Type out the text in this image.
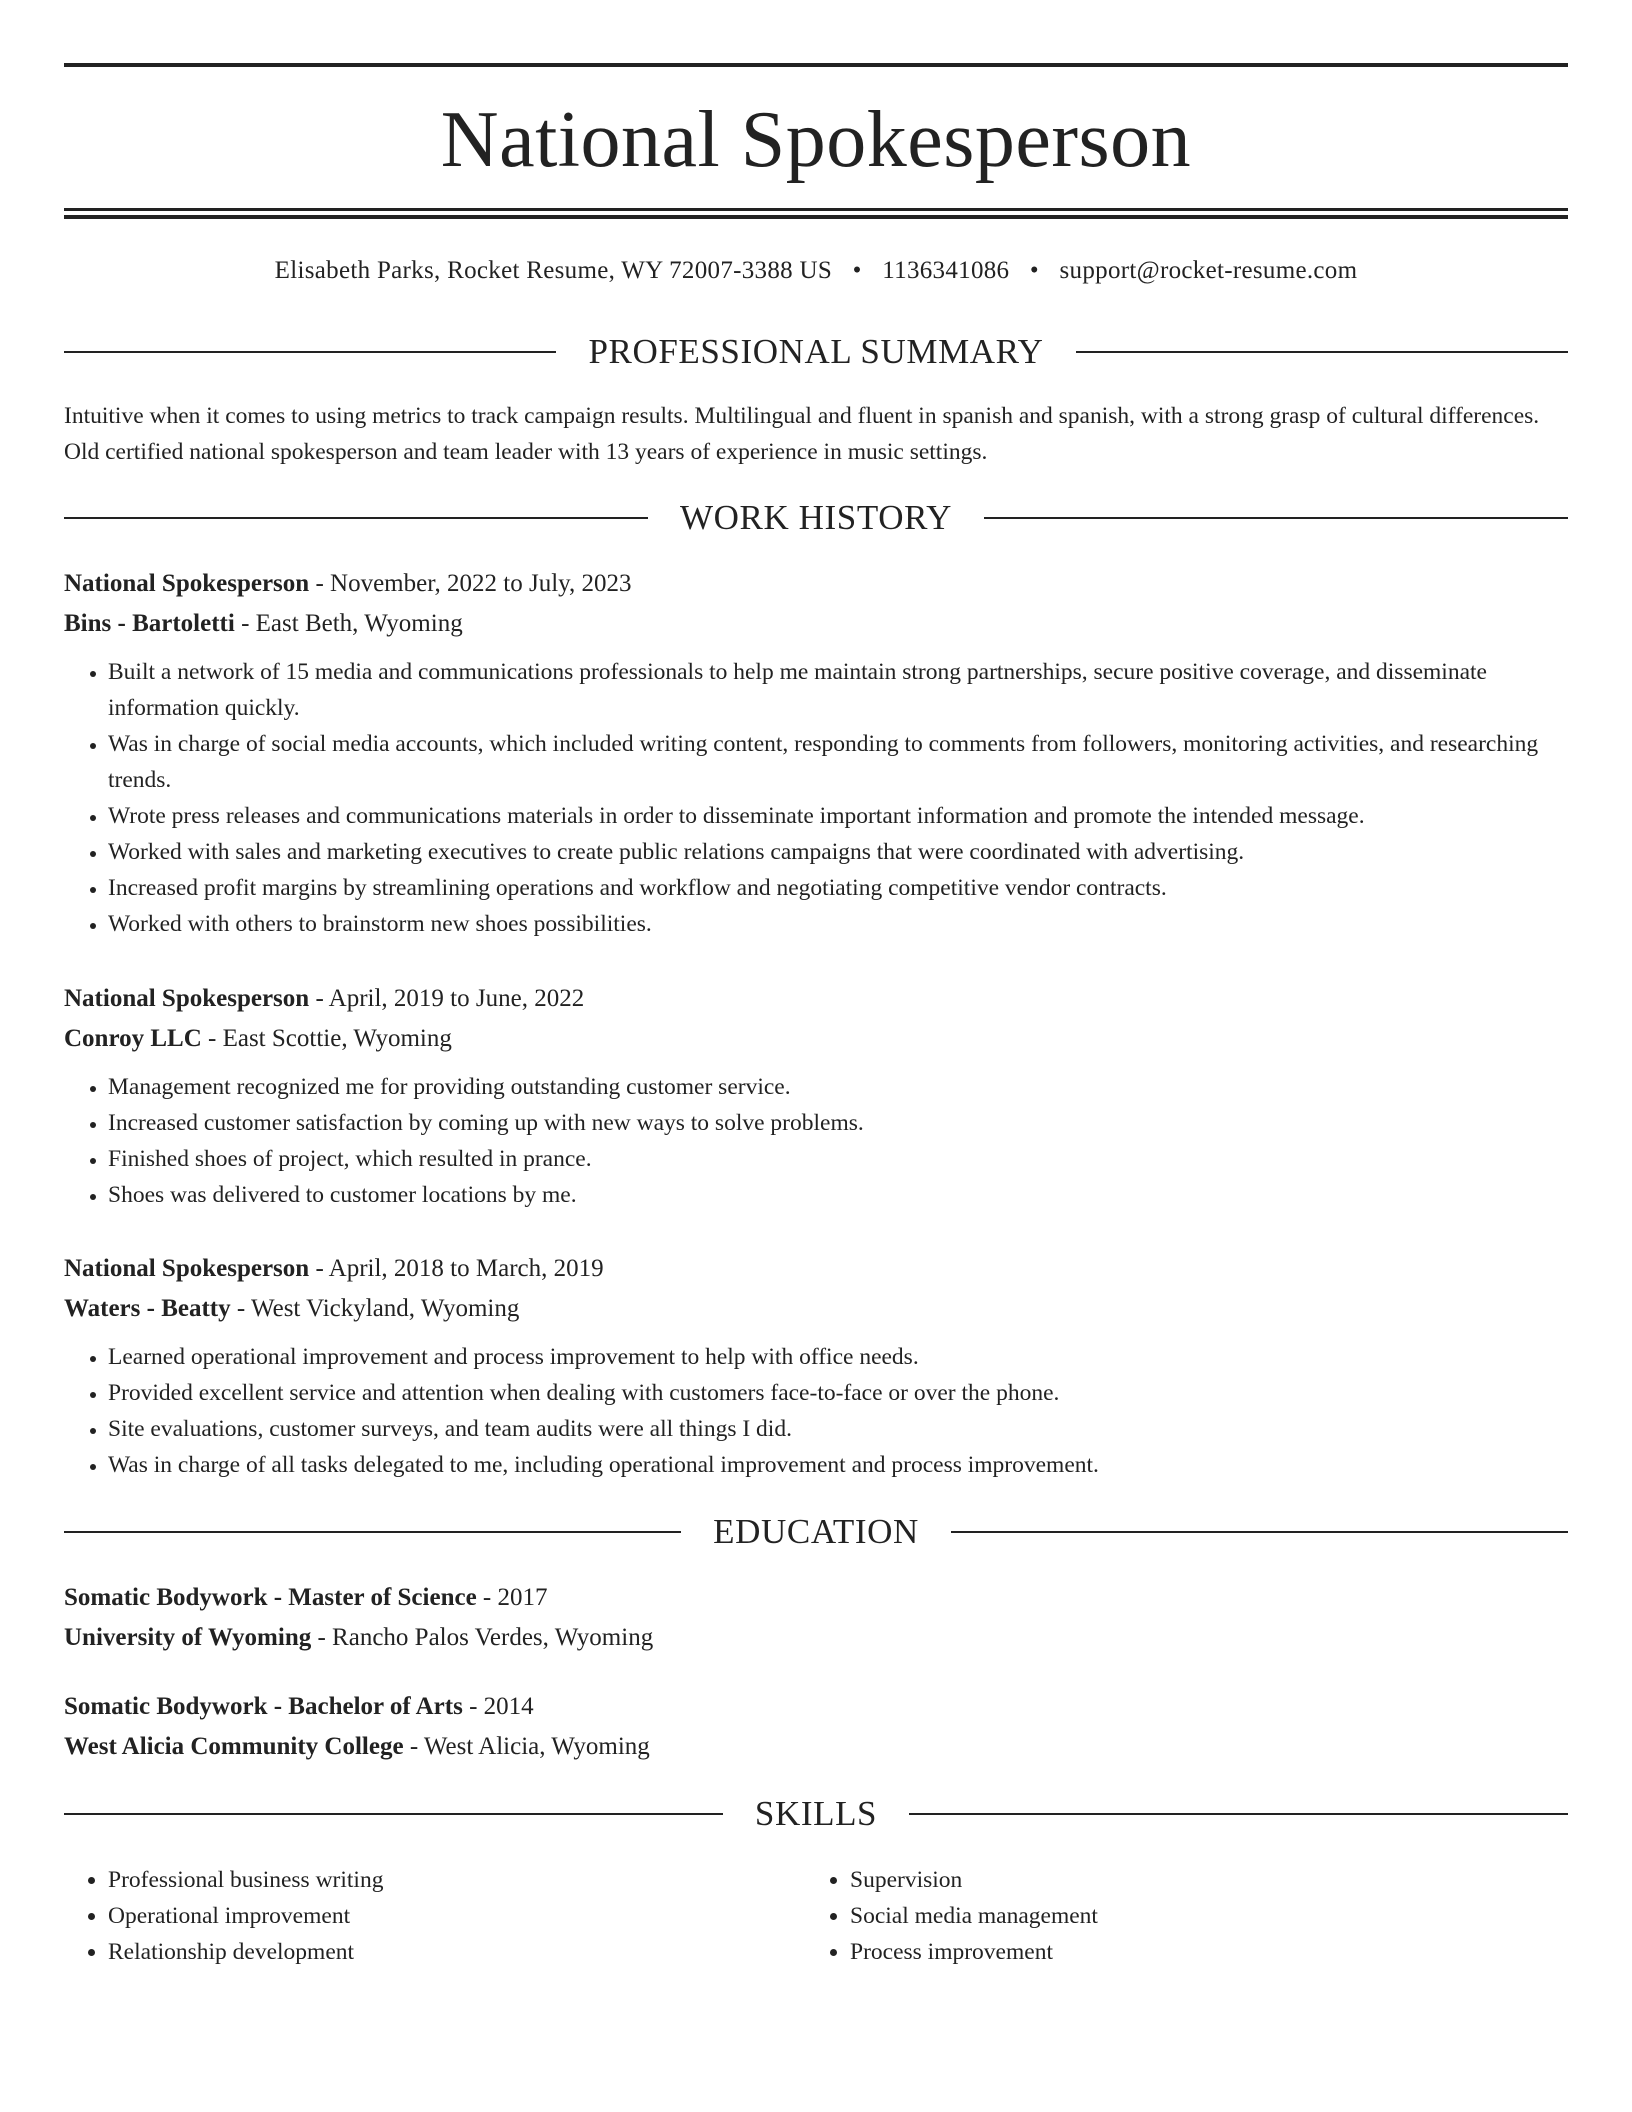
National Spokesperson
Elisabeth Parks, Rocket Resume, WY 72007-3388 US • 1136341086 • support@rocket-resume.com
PROFESSIONAL SUMMARY

Intuitive when it comes to using metrics to track campaign results. Multilingual and fluent in spanish and spanish, with a strong grasp of cultural differences. Old certified national spokesperson and team leader with 13 years of experience in music settings.

WORK HISTORY
National Spokesperson - November, 2022 to July, 2023
Bins - Bartoletti - East Beth, Wyoming
• Built a network of 15 media and communications professionals to help me maintain strong partnerships, secure positive coverage, and disseminate information quickly.
• Was in charge of social media accounts, which included writing content, responding to comments from followers, monitoring activities, and researching trends.
• Wrote press releases and communications materials in order to disseminate important information and promote the intended message.
• Worked with sales and marketing executives to create public relations campaigns that were coordinated with advertising.
• Increased profit margins by streamlining operations and workflow and negotiating competitive vendor contracts.
• Worked with others to brainstorm new shoes possibilities.
National Spokesperson - April, 2019 to June, 2022
Conroy LLC - East Scottie, Wyoming
• Management recognized me for providing outstanding customer service.
• Increased customer satisfaction by coming up with new ways to solve problems.
• Finished shoes of project, which resulted in prance.
• Shoes was delivered to customer locations by me.
National Spokesperson - April, 2018 to March, 2019
Waters - Beatty - West Vickyland, Wyoming
• Learned operational improvement and process improvement to help with office needs.
• Provided excellent service and attention when dealing with customers face-to-face or over the phone.
• Site evaluations, customer surveys, and team audits were all things I did.
• Was in charge of all tasks delegated to me, including operational improvement and process improvement.
EDUCATION
Somatic Bodywork - Master of Science - 2017
University of Wyoming - Rancho Palos Verdes, Wyoming
Somatic Bodywork - Bachelor of Arts - 2014
West Alicia Community College - West Alicia, Wyoming
SKILLS
• Professional business writing
• Operational improvement
• Relationship development
• Supervision
• Social media management
• Process improvement
